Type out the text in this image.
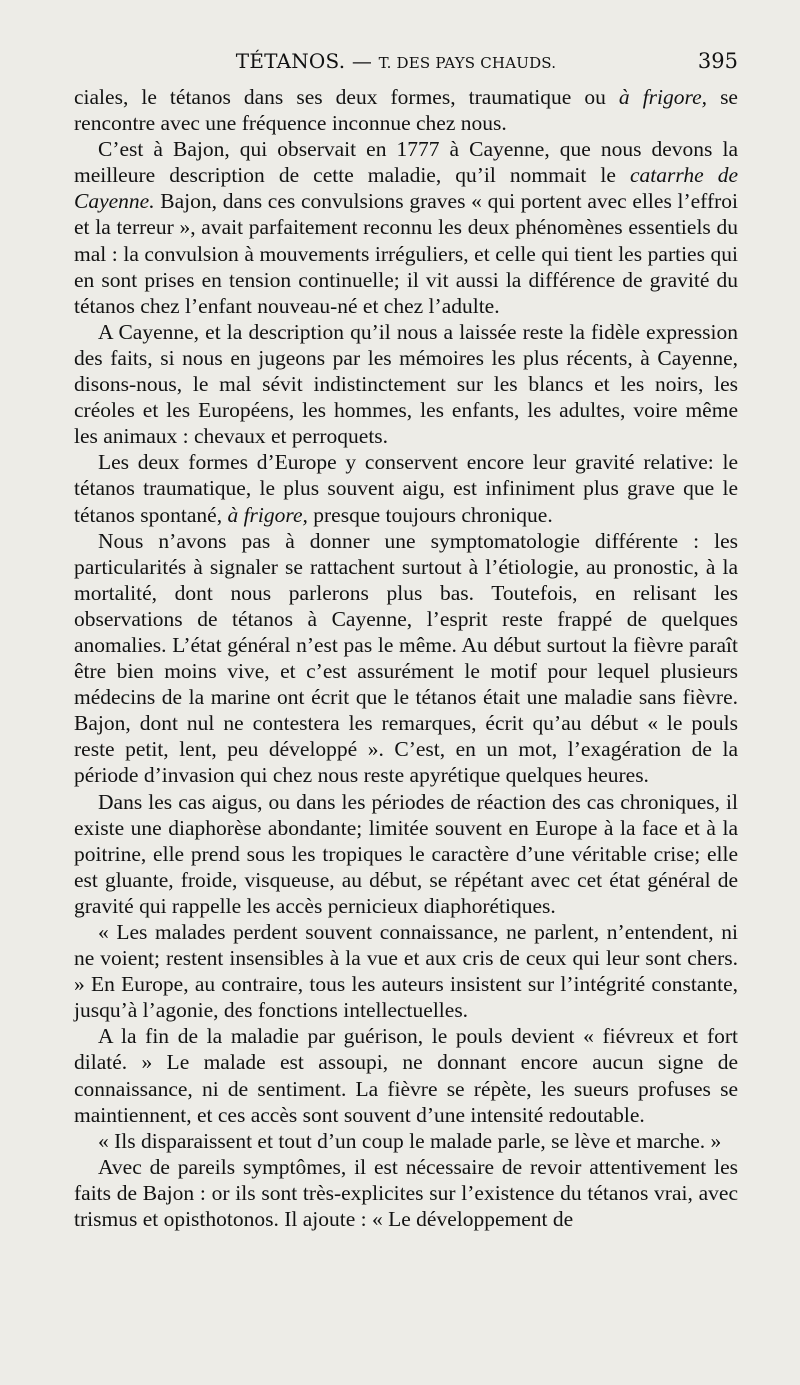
TÉTANOS. — T. DES PAYS CHAUDS.	395

ciales, le tétanos dans ses deux formes, traumatique ou à frigore, se rencontre avec une fréquence inconnue chez nous.

C’est à Bajon, qui observait en 1777 à Cayenne, que nous devons la meilleure description de cette maladie, qu’il nommait le catarrhe de Cayenne. Bajon, dans ces convulsions graves « qui portent avec elles l’effroi et la terreur », avait parfaitement reconnu les deux phénomènes essentiels du mal : la convulsion à mouvements irréguliers, et celle qui tient les parties qui en sont prises en tension continuelle; il vit aussi la différence de gravité du tétanos chez l’enfant nouveau-né et chez l’adulte.

A Cayenne, et la description qu’il nous a laissée reste la fidèle expression des faits, si nous en jugeons par les mémoires les plus récents, à Cayenne, disons-nous, le mal sévit indistinctement sur les blancs et les noirs, les créoles et les Européens, les hommes, les enfants, les adultes, voire même les animaux : chevaux et perroquets.

Les deux formes d’Europe y conservent encore leur gravité relative: le tétanos traumatique, le plus souvent aigu, est infiniment plus grave que le tétanos spontané, à frigore, presque toujours chronique.

Nous n’avons pas à donner une symptomatologie différente : les particularités à signaler se rattachent surtout à l’étiologie, au pronostic, à la mortalité, dont nous parlerons plus bas. Toutefois, en relisant les observations de tétanos à Cayenne, l’esprit reste frappé de quelques anomalies. L’état général n’est pas le même. Au début surtout la fièvre paraît être bien moins vive, et c’est assurément le motif pour lequel plusieurs médecins de la marine ont écrit que le tétanos était une maladie sans fièvre. Bajon, dont nul ne contestera les remarques, écrit qu’au début « le pouls reste petit, lent, peu développé ». C’est, en un mot, l’exagération de la période d’invasion qui chez nous reste apyrétique quelques heures.

Dans les cas aigus, ou dans les périodes de réaction des cas chroniques, il existe une diaphorèse abondante; limitée souvent en Europe à la face et à la poitrine, elle prend sous les tropiques le caractère d’une véritable crise; elle est gluante, froide, visqueuse, au début, se répétant avec cet état général de gravité qui rappelle les accès pernicieux diaphorétiques.

« Les malades perdent souvent connaissance, ne parlent, n’entendent, ni ne voient; restent insensibles à la vue et aux cris de ceux qui leur sont chers. » En Europe, au contraire, tous les auteurs insistent sur l’intégrité constante, jusqu’à l’agonie, des fonctions intellectuelles.

A la fin de la maladie par guérison, le pouls devient « fiévreux et fort dilaté. » Le malade est assoupi, ne donnant encore aucun signe de connaissance, ni de sentiment. La fièvre se répète, les sueurs profuses se maintiennent, et ces accès sont souvent d’une intensité redoutable.

« Ils disparaissent et tout d’un coup le malade parle, se lève et marche. »

Avec de pareils symptômes, il est nécessaire de revoir attentivement les faits de Bajon : or ils sont très-explicites sur l’existence du tétanos vrai, avec trismus et opisthotonos. Il ajoute : « Le développement de
